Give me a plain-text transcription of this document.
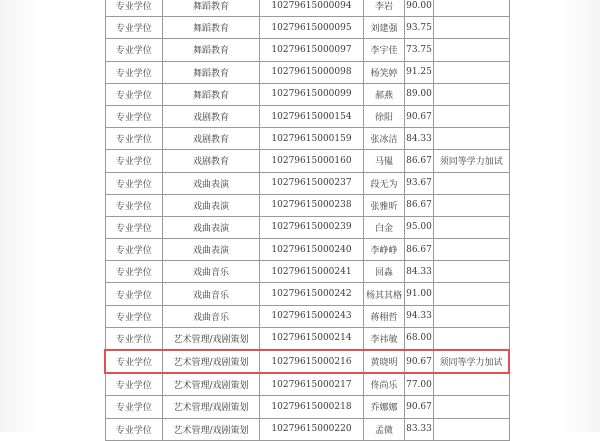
专业学位	舞蹈教育	10279615000094	李岩	90.00	
专业学位	舞蹈教育	10279615000095	刘建强	93.75	
专业学位	舞蹈教育	10279615000097	李宇佳	73.75	
专业学位	舞蹈教育	10279615000098	杨笑婷	91.25	
专业学位	舞蹈教育	10279615000099	郝燕	89.00	
专业学位	戏剧教育	10279615000154	徐阳	90.67	
专业学位	戏剧教育	10279615000159	张冰洁	84.33	
专业学位	戏剧教育	10279615000160	马韫	86.67	须同等学力加试
专业学位	戏曲表演	10279615000237	段无为	93.67	
专业学位	戏曲表演	10279615000238	张雅昕	86.67	
专业学位	戏曲表演	10279615000239	白金	95.00	
专业学位	戏曲表演	10279615000240	李峥峥	86.67	
专业学位	戏曲音乐	10279615000241	回淼	84.33	
专业学位	戏曲音乐	10279615000242	杨其其格	91.00	
专业学位	戏曲音乐	10279615000243	蒋栩哲	94.33	
专业学位	艺术管理/戏剧策划	10279615000214	李祎敏	68.00	
专业学位	艺术管理/戏剧策划	10279615000216	黄晓明	90.67	须同等学力加试
专业学位	艺术管理/戏剧策划	10279615000217	佟尚乐	77.00	
专业学位	艺术管理/戏剧策划	10279615000218	乔娜娜	90.67	
专业学位	艺术管理/戏剧策划	10279615000220	孟微	83.33	
